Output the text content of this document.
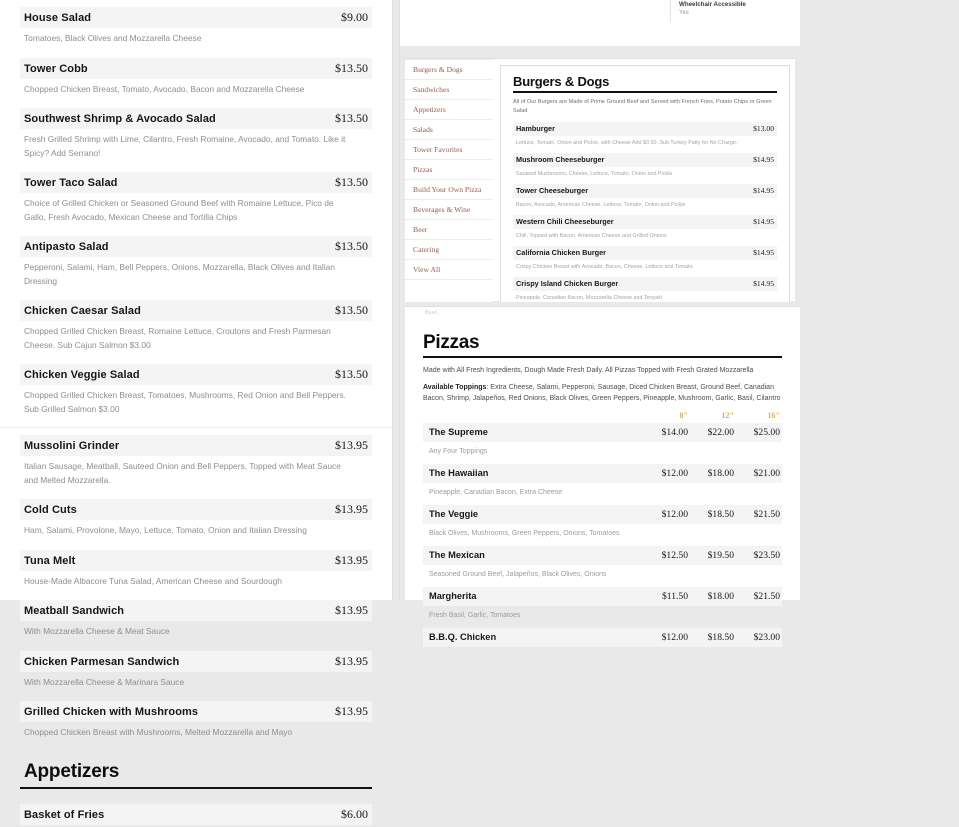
House Salad	$9.00
Tomatoes, Black Olives and Mozzarella Cheese
Tower Cobb	$13.50
Chopped Chicken Breast, Tomato, Avocado, Bacon and Mozzarella Cheese
Southwest Shrimp & Avocado Salad	$13.50
Fresh Grilled Shrimp with Lime, Cilantro, Fresh Romaine, Avocado, and Tomato. Like it Spicy? Add Serrano!
Tower Taco Salad	$13.50
Choice of Grilled Chicken or Seasoned Ground Beef with Romaine Lettuce, Pico de Gallo, Fresh Avocado, Mexican Cheese and Tortilla Chips
Antipasto Salad	$13.50
Pepperoni, Salami, Ham, Bell Peppers, Onions, Mozzarella, Black Olives and Italian Dressing
Chicken Caesar Salad	$13.50
Chopped Grilled Chicken Breast, Romaine Lettuce, Croutons and Fresh Parmesan Cheese. Sub Cajun Salmon $3.00
Chicken Veggie Salad	$13.50
Chopped Grilled Chicken Breast, Tomatoes, Mushrooms, Red Onion and Bell Peppers. Sub Grilled Salmon $3.00
Mussolini Grinder	$13.95
Italian Sausage, Meatball, Sauteed Onion and Bell Peppers, Topped with Meat Sauce and Melted Mozzarella.
Cold Cuts	$13.95
Ham, Salami, Provolone, Mayo, Lettuce, Tomato, Onion and Italian Dressing
Tuna Melt	$13.95
House-Made Albacore Tuna Salad, American Cheese and Sourdough
Meatball Sandwich	$13.95
With Mozzarella Cheese & Meat Sauce
Chicken Parmesan Sandwich	$13.95
With Mozzarella Cheese & Marinara Sauce
Grilled Chicken with Mushrooms	$13.95
Chopped Chicken Breast with Mushrooms, Melted Mozzarella and Mayo
Appetizers
Basket of Fries	$6.00
Wheelchair Accessible
Yes
Burgers & Dogs
Sandwiches
Appetizers
Salads
Tower Favorites
Pizzas
Build Your Own Pizza
Beverages & Wine
Beer
Catering
View All
Burgers & Dogs
All of Our Burgers are Made of Prime Ground Beef and Served with French Fries, Potato Chips or Green Salad
Hamburger	$13.00
Lettuce, Tomato, Onion and Pickle, with Cheese Add $0.50. Sub Turkey Patty for No Charge.
Mushroom Cheeseburger	$14.95
Sauteed Mushrooms, Cheese, Lettuce, Tomato, Onion and Pickle
Tower Cheeseburger	$14.95
Bacon, Avocado, American Cheese, Lettuce, Tomato, Onion and Pickle
Western Chili Cheeseburger	$14.95
Chili, Topped with Bacon, American Cheese and Grilled Onions
California Chicken Burger	$14.95
Crispy Chicken Breast with Avocado, Bacon, Cheese, Lettuce and Tomato
Crispy Island Chicken Burger	$14.95
Pineapple, Canadian Bacon, Mozzarella Cheese and Teriyaki
Basil
Pizzas
Made with All Fresh Ingredients, Dough Made Fresh Daily. All Pizzas Topped with Fresh Grated Mozzarella
Available Toppings: Extra Cheese, Salami, Pepperoni, Sausage, Diced Chicken Breast, Ground Beef, Canadian Bacon, Shrimp, Jalapeños, Red Onions, Black Olives, Green Peppers, Pineapple, Mushroom, Garlic, Basil, Cilantro
8"	12"	16"
The Supreme	$14.00	$22.00	$25.00
Any Four Toppings
The Hawaiian	$12.00	$18.00	$21.00
Pineapple, Canadian Bacon, Extra Cheese
The Veggie	$12.00	$18.50	$21.50
Black Olives, Mushrooms, Green Peppers, Onions, Tomatoes
The Mexican	$12.50	$19.50	$23.50
Seasoned Ground Beef, Jalapeños, Black Olives, Onions
Margherita	$11.50	$18.00	$21.50
Fresh Basil, Garlic, Tomatoes
B.B.Q. Chicken	$12.00	$18.50	$23.00
